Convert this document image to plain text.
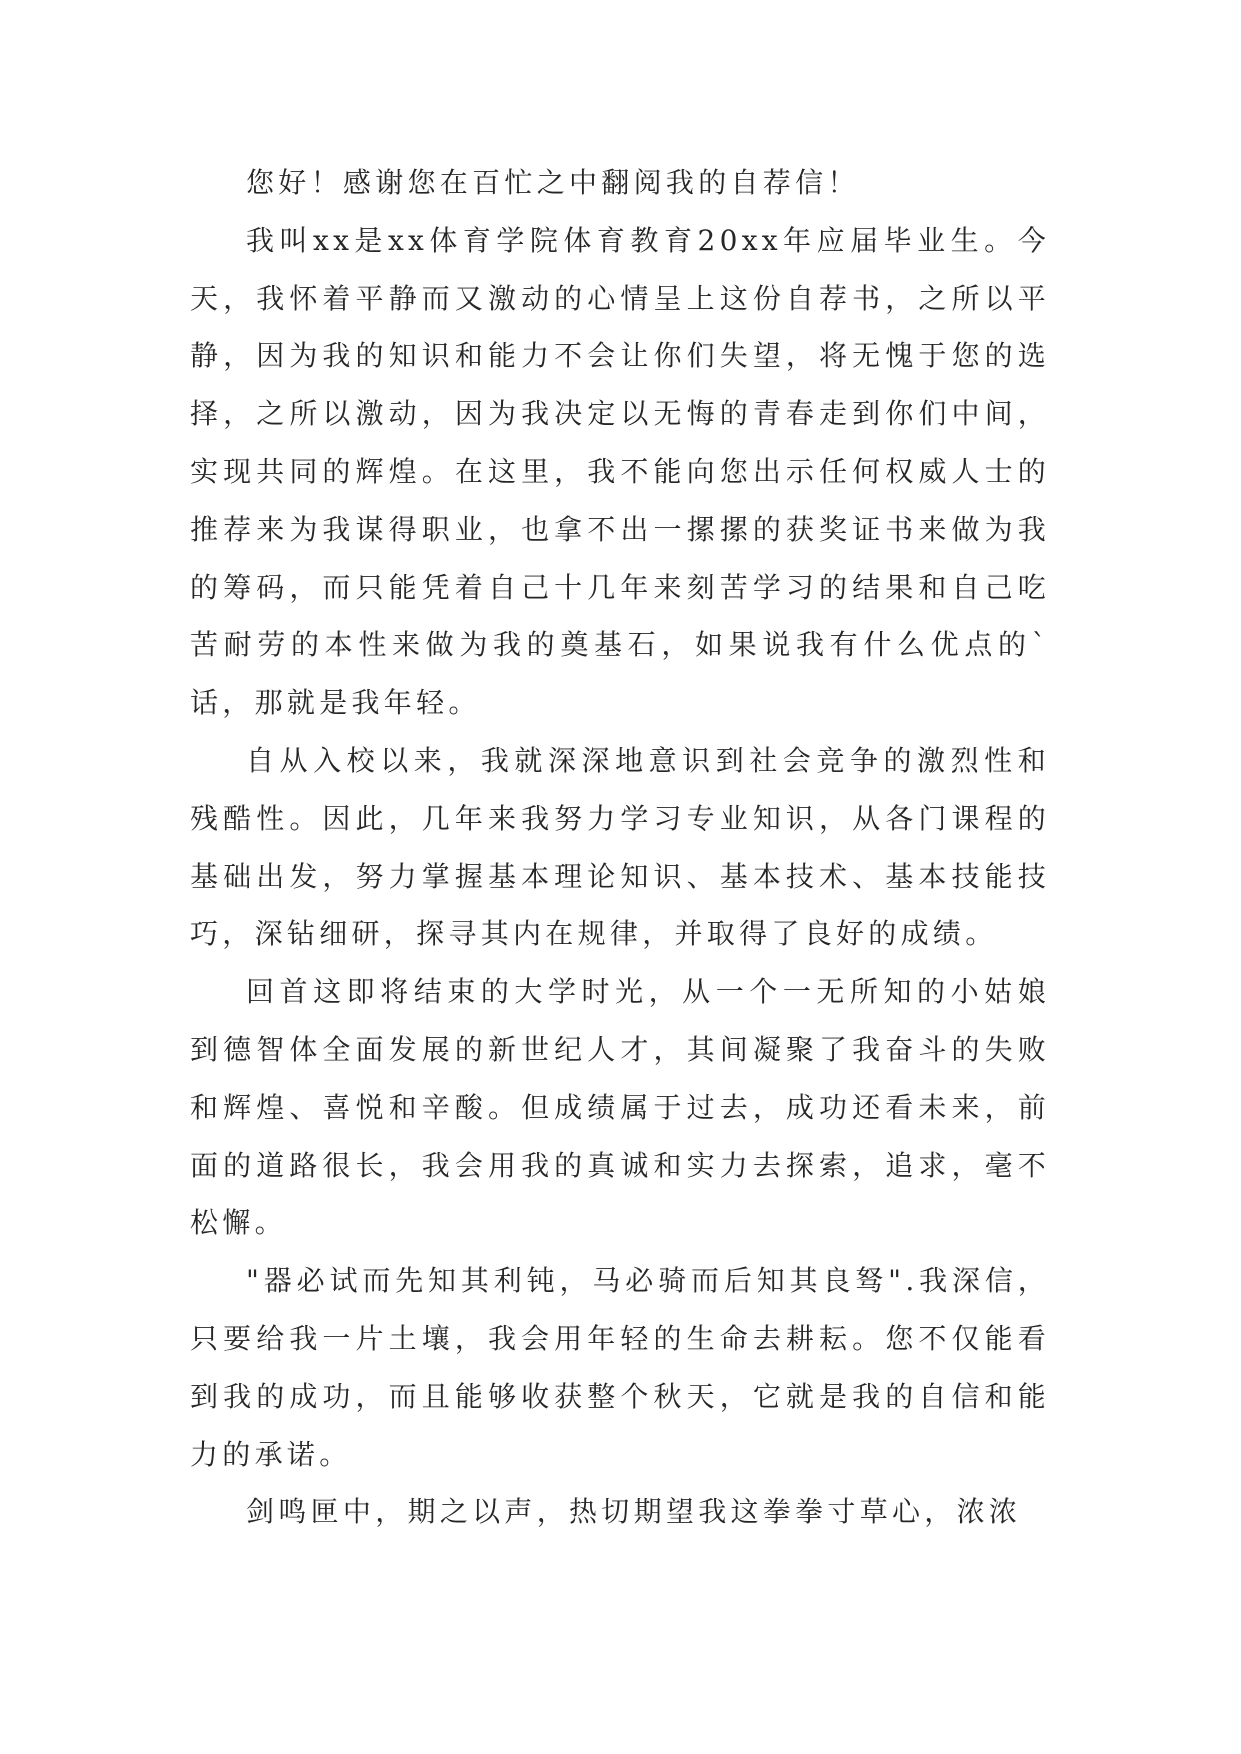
您好！感谢您在百忙之中翻阅我的自荐信！

我叫xx是xx体育学院体育教育20xx年应届毕业生。今天，我怀着平静而又激动的心情呈上这份自荐书，之所以平静，因为我的知识和能力不会让你们失望，将无愧于您的选择，之所以激动，因为我决定以无悔的青春走到你们中间，实现共同的辉煌。在这里，我不能向您出示任何权威人士的推荐来为我谋得职业，也拿不出一摞摞的获奖证书来做为我的筹码，而只能凭着自己十几年来刻苦学习的结果和自己吃苦耐劳的本性来做为我的奠基石，如果说我有什么优点的`话，那就是我年轻。

自从入校以来，我就深深地意识到社会竞争的激烈性和残酷性。因此，几年来我努力学习专业知识，从各门课程的基础出发，努力掌握基本理论知识、基本技术、基本技能技巧，深钻细研，探寻其内在规律，并取得了良好的成绩。

回首这即将结束的大学时光，从一个一无所知的小姑娘到德智体全面发展的新世纪人才，其间凝聚了我奋斗的失败和辉煌、喜悦和辛酸。但成绩属于过去，成功还看未来，前面的道路很长，我会用我的真诚和实力去探索，追求，毫不松懈。

"器必试而先知其利钝，马必骑而后知其良驽".我深信，只要给我一片土壤，我会用年轻的生命去耕耘。您不仅能看到我的成功，而且能够收获整个秋天，它就是我的自信和能力的承诺。

剑鸣匣中，期之以声，热切期望我这拳拳寸草心，浓浓
